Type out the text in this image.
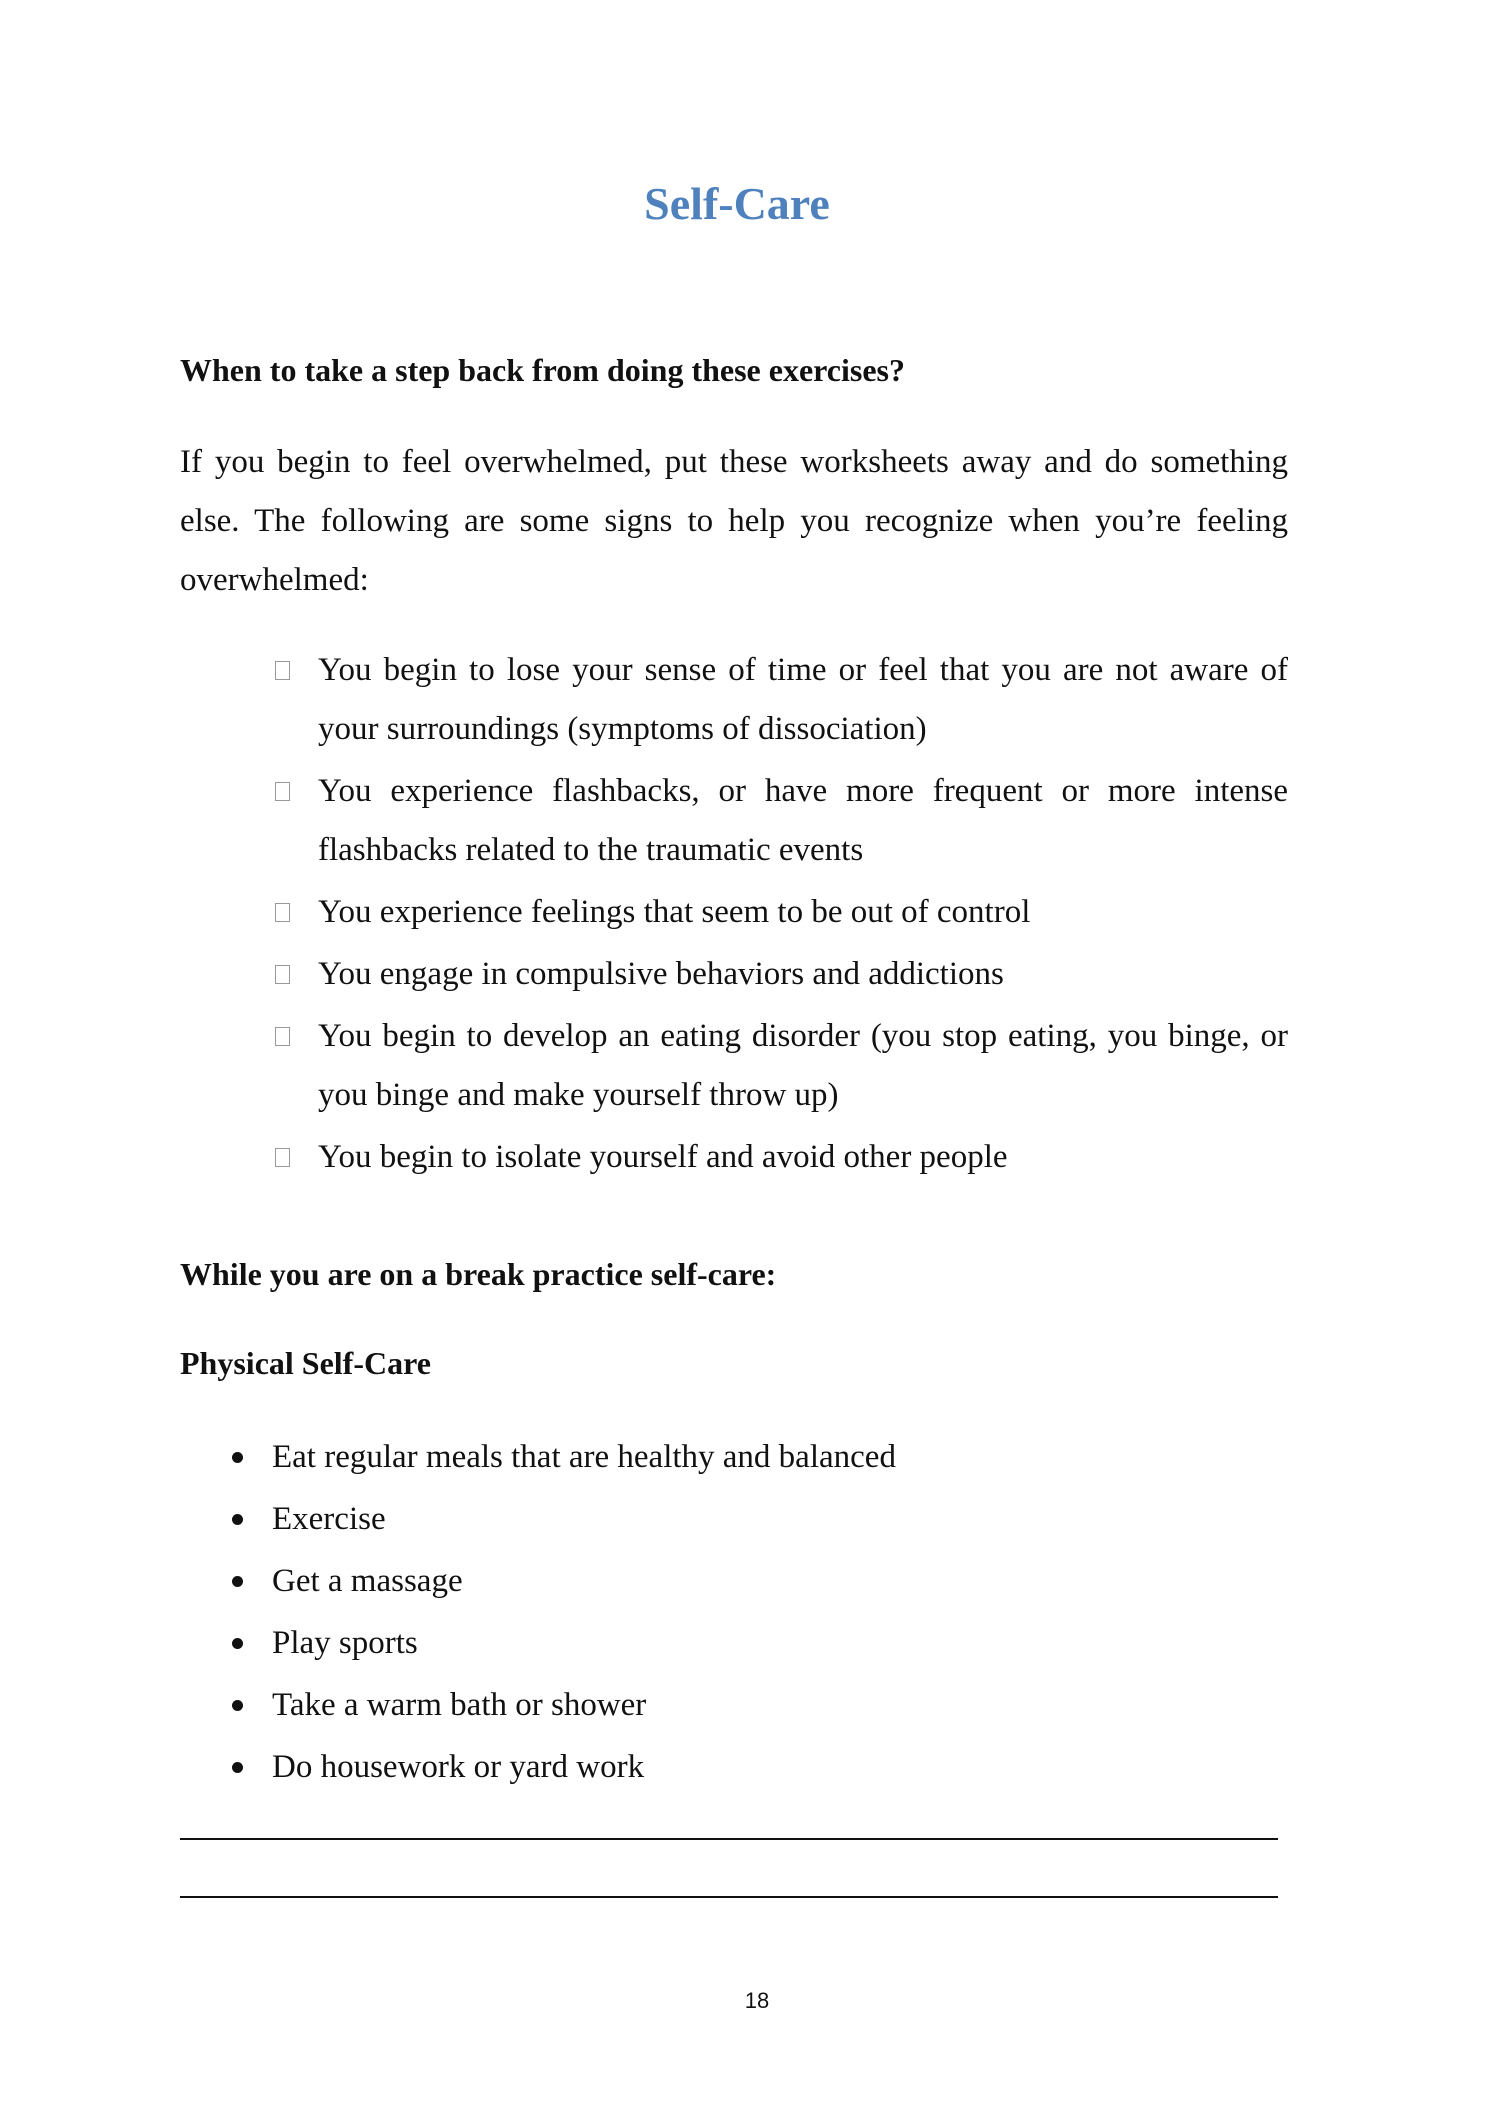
Self-Care
When to take a step back from doing these exercises?

If you begin to feel overwhelmed, put these worksheets away and do something else. The following are some signs to help you recognize when you’re feeling overwhelmed:

You begin to lose your sense of time or feel that you are not aware of your surroundings (symptoms of dissociation)
You experience flashbacks, or have more frequent or more intense flashbacks related to the traumatic events
You experience feelings that seem to be out of control
You engage in compulsive behaviors and addictions
You begin to develop an eating disorder (you stop eating, you binge, or you binge and make yourself throw up)
You begin to isolate yourself and avoid other people
While you are on a break practice self-care:
Physical Self-Care
Eat regular meals that are healthy and balanced
Exercise
Get a massage
Play sports
Take a warm bath or shower
Do housework or yard work
18
